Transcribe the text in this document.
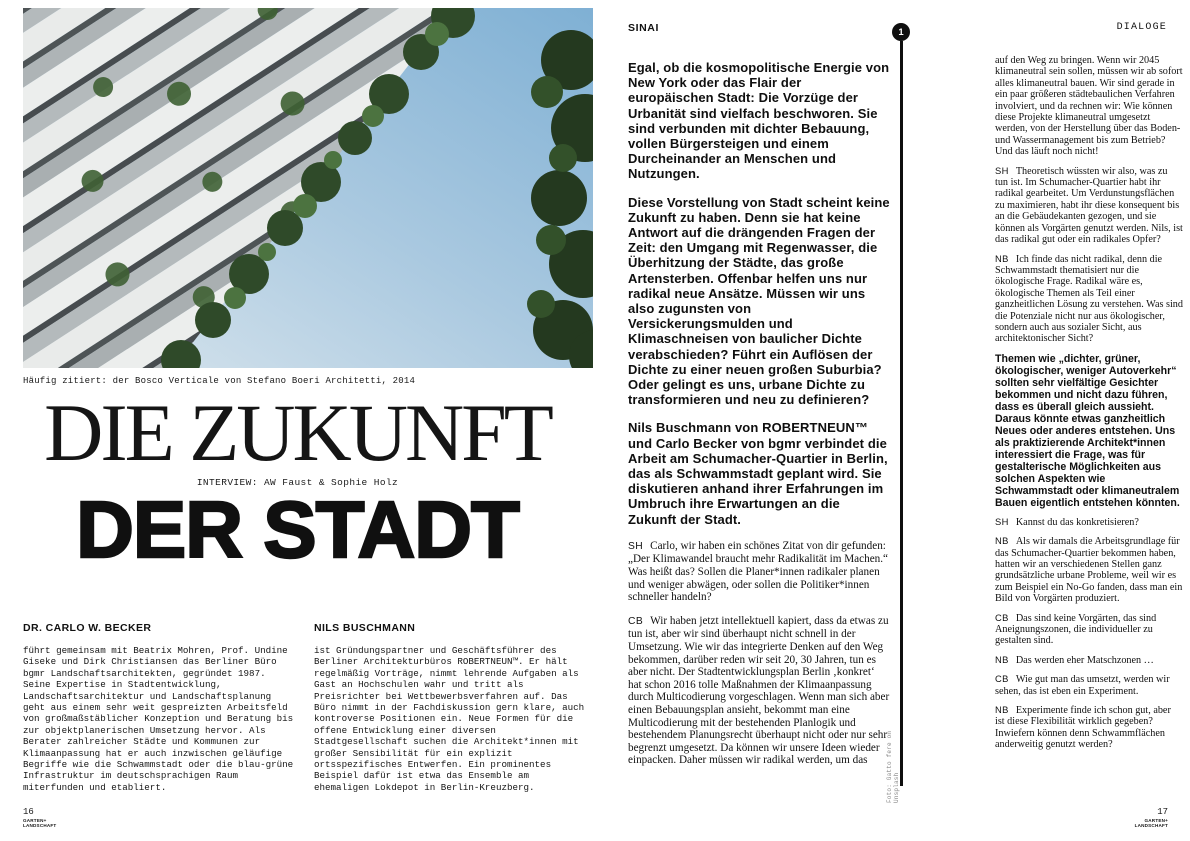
Häufig zitiert: der Bosco Verticale von Stefano Boeri Architetti, 2014
DIE ZUKUNFT
INTERVIEW: AW Faust & Sophie Holz
DER STADT
DR. CARLO W. BECKER

führt gemeinsam mit Beatrix Mohren, Prof. Undine Giseke und Dirk Christiansen das Berliner Büro bgmr Landschaftsarchitekten, gegründet 1987. Seine Expertise in Stadtentwicklung, Landschaftsarchitektur und Landschaftsplanung geht aus einem sehr weit gespreizten Arbeitsfeld von großmaßstäblicher Konzeption und Beratung bis zur objektplanerischen Umsetzung hervor. Als Berater zahlreicher Städte und Kommunen zur Klimaanpassung hat er auch inzwischen geläufige Begriffe wie die Schwammstadt oder die blau-grüne Infrastruktur im deutschsprachigen Raum miterfunden und etabliert.

NILS BUSCHMANN

ist Gründungspartner und Geschäftsführer des Berliner Architekturbüros ROBERTNEUN™. Er hält regelmäßig Vorträge, nimmt lehrende Aufgaben als Gast an Hochschulen wahr und tritt als Preisrichter bei Wettbewerbsverfahren auf. Das Büro nimmt in der Fachdiskussion gern klare, auch kontroverse Positionen ein. Neue Formen für die offene Entwicklung einer diversen Stadtgesellschaft suchen die Architekt*innen mit großer Sensibilität für ein explizit ortsspezifisches Entwerfen. Ein prominentes Beispiel dafür ist etwa das Ensemble am ehemaligen Lokdepot in Berlin-Kreuzberg.

16
GARTEN+
LANDSCHAFT
SINAI	1	DIALOGE
Foto: Gatto fere on Unsplash

Egal, ob die kosmopolitische Energie von New York oder das Flair der europäischen Stadt: Die Vorzüge der Urbanität sind vielfach beschworen. Sie sind verbunden mit dichter Bebauung, vollen Bürgersteigen und einem Durcheinander an Menschen und Nutzungen.

Diese Vorstellung von Stadt scheint keine Zukunft zu haben. Denn sie hat keine Antwort auf die drängenden Fragen der Zeit: den Umgang mit Regenwasser, die Überhitzung der Städte, das große Artensterben. Offenbar helfen uns nur radikal neue Ansätze. Müssen wir uns also zugunsten von Versickerungsmulden und Klimaschneisen von baulicher Dichte verabschieden? Führt ein Auflösen der Dichte zu einer neuen großen Suburbia? Oder gelingt es uns, urbane Dichte zu transformieren und neu zu definieren?

Nils Buschmann von ROBERTNEUN™ und Carlo Becker von bgmr verbindet die Arbeit am Schumacher-Quartier in Berlin, das als Schwammstadt geplant wird. Sie diskutieren anhand ihrer Erfahrungen im Umbruch ihre Erwartungen an die Zukunft der Stadt.

SH Carlo, wir haben ein schönes Zitat von dir gefunden: „Der Klimawandel braucht mehr Radikalität im Machen.“ Was heißt das? Sollen die Planer*innen radikaler planen und weniger abwägen, oder sollen die Politiker*innen schneller handeln?

CB Wir haben jetzt intellektuell kapiert, dass da etwas zu tun ist, aber wir sind überhaupt nicht schnell in der Umsetzung. Wie wir das integrierte Denken auf den Weg bekommen, darüber reden wir seit 20, 30 Jahren, tun es aber nicht. Der Stadtentwicklungsplan Berlin ‚konkret‘ hat schon 2016 tolle Maßnahmen der Klimaanpassung durch Multicodierung vorgeschlagen. Wenn man sich aber einen Bebauungsplan ansieht, bekommt man eine Multicodierung mit der bestehenden Planlogik und bestehendem Planungsrecht überhaupt nicht oder nur sehr begrenzt umgesetzt. Da können wir unsere Ideen wieder einpacken. Daher müssen wir radikal werden, um das

auf den Weg zu bringen. Wenn wir 2045 klimaneutral sein sollen, müssen wir ab sofort alles klimaneutral bauen. Wir sind gerade in ein paar größeren städtebaulichen Verfahren involviert, und da rechnen wir: Wie können diese Projekte klimaneutral umgesetzt werden, von der Herstellung über das Boden- und Wassermanagement bis zum Betrieb? Und das läuft noch nicht!

SH Theoretisch wüssten wir also, was zu tun ist. Im Schumacher-Quartier habt ihr radikal gearbeitet. Um Verdunstungsflächen zu maximieren, habt ihr diese konsequent bis an die Gebäudekanten gezogen, und sie können als Vorgärten genutzt werden. Nils, ist das radikal gut oder ein radikales Opfer?

NB Ich finde das nicht radikal, denn die Schwammstadt thematisiert nur die ökologische Frage. Radikal wäre es, ökologische Themen als Teil einer ganzheitlichen Lösung zu verstehen. Was sind die Potenziale nicht nur aus ökologischer, sondern auch aus sozialer Sicht, aus architektonischer Sicht?

Themen wie „dichter, grüner, ökologischer, weniger Autoverkehr“ sollten sehr vielfältige Gesichter bekommen und nicht dazu führen, dass es überall gleich aussieht. Daraus könnte etwas ganzheitlich Neues oder anderes entstehen. Uns als praktizierende Architekt*innen interessiert die Frage, was für gestalterische Möglichkeiten aus solchen Aspekten wie Schwammstadt oder klimaneutralem Bauen eigentlich entstehen könnten.

SH Kannst du das konkretisieren?

NB Als wir damals die Arbeitsgrundlage für das Schumacher-Quartier bekommen haben, hatten wir an verschiedenen Stellen ganz grundsätzliche urbane Probleme, weil wir es zum Beispiel ein No-Go fanden, dass man ein Bild von Vorgärten produziert.

CB Das sind keine Vorgärten, das sind Aneignungszonen, die individueller zu gestalten sind.

NB Das werden eher Matschzonen …

CB Wie gut man das umsetzt, werden wir sehen, das ist eben ein Experiment.

NB Experimente finde ich schon gut, aber ist diese Flexibilität wirklich gegeben? Inwiefern können denn Schwammflächen anderweitig genutzt werden?

17
GARTEN+
LANDSCHAFT
